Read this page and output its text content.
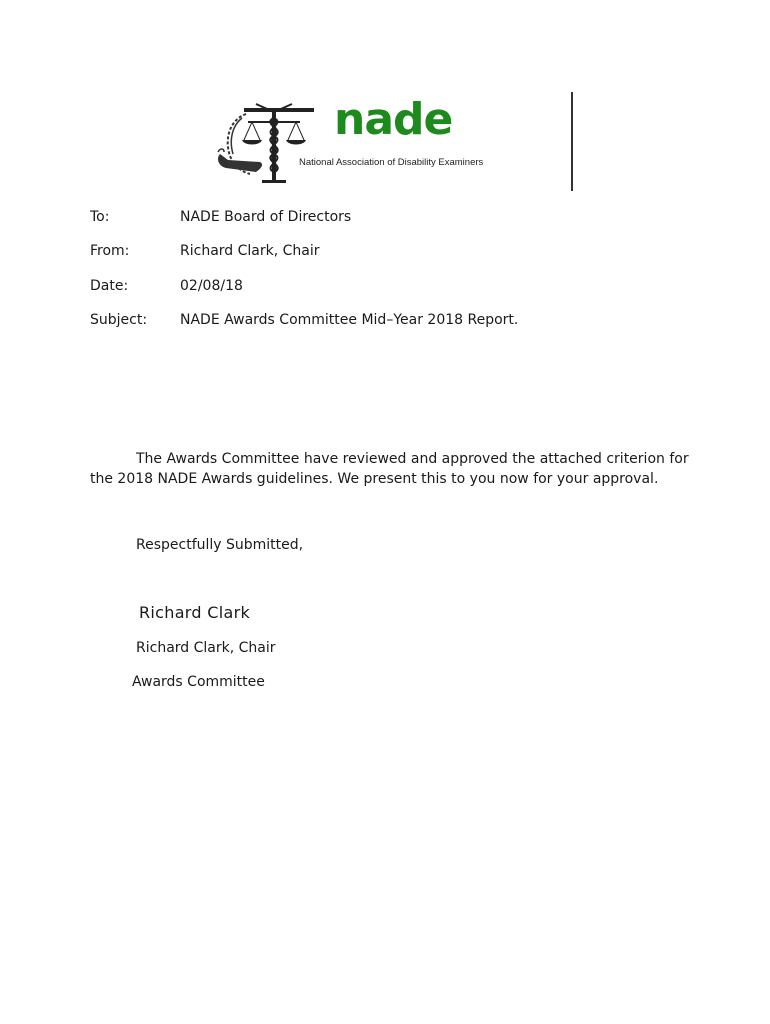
nade
National Association of Disability Examiners
To:	NADE Board of Directors
From:	Richard Clark, Chair
Date:	02/08/18
Subject: NADE Awards Committee Mid–Year 2018 Report.
The Awards Committee have reviewed and approved the attached criterion for the 2018 NADE Awards guidelines. We present this to you now for your approval.
Respectfully Submitted,
Richard Clark
Richard Clark, Chair
Awards Committee
